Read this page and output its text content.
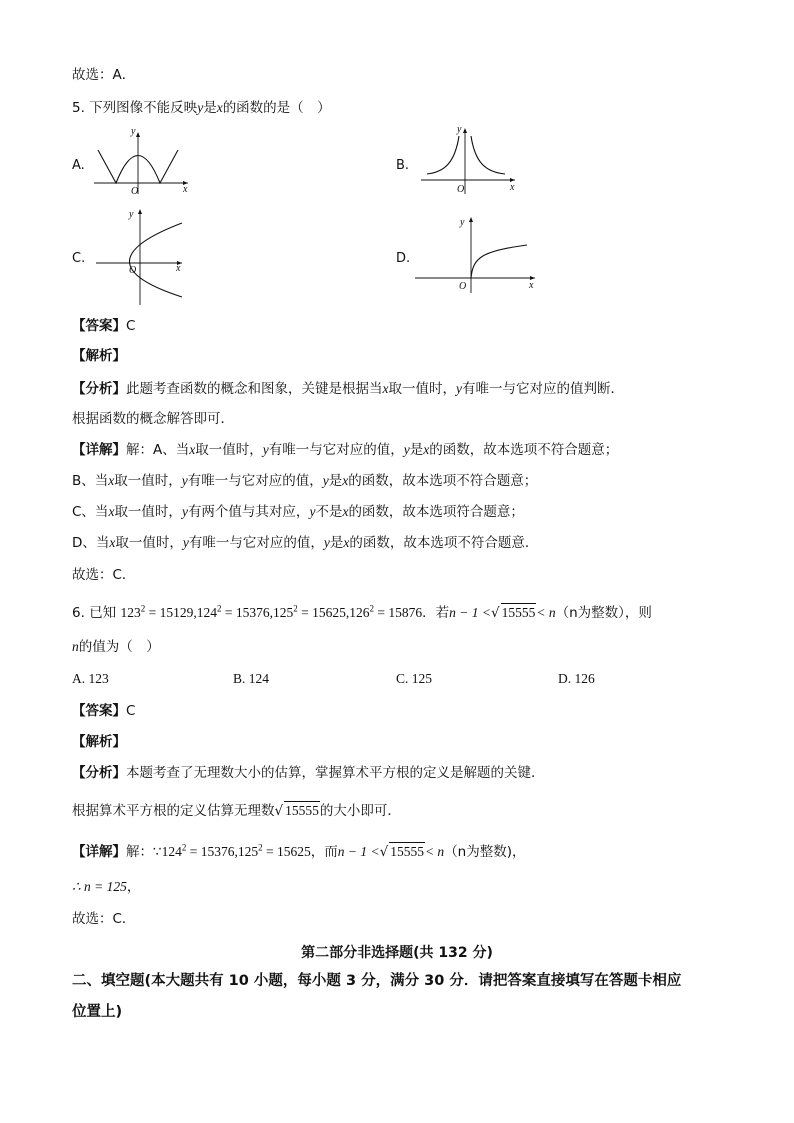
故选：A．
5. 下列图像不能反映y是x的函数的是（　）
A.
y
O	x
B.
y
O	x
C.
y
O	x
D.
y
O	x
【答案】C
【解析】
【分析】此题考查函数的概念和图象，关键是根据当x取一值时，y有唯一与它对应的值判断．
根据函数的概念解答即可．
【详解】解：A、当x取一值时，y有唯一与它对应的值，y是x的函数，故本选项不符合题意；
B、当x取一值时，y有唯一与它对应的值，y是x的函数，故本选项不符合题意；
C、当x取一值时，y有两个值与其对应，y不是x的函数，故本选项符合题意；
D、当x取一值时，y有唯一与它对应的值，y是x的函数，故本选项不符合题意．
故选：C．
6. 已知 $123^2 = 15129,124^2 = 15376,125^2 = 15625,126^2 = 15876$．若n − 1 <√ 15555< n（n为整数），则
n的值为（　）
A. 123	B. 124	C. 125	D. 126
【答案】C
【解析】
【分析】本题考查了无理数大小的估算，掌握算术平方根的定义是解题的关键．
根据算术平方根的定义估算无理数√ 15555的大小即可．
【详解】解：$\because 124^2 = 15376,125^2 = 15625$，而n − 1 <√ 15555< n（n为整数)，
∴ n = 125，
故选：C．
第二部分非选择题(共 132 分)
二、填空题(本大题共有 10 小题，每小题 3 分，满分 30 分．请把答案直接填写在答题卡相应
位置上)
